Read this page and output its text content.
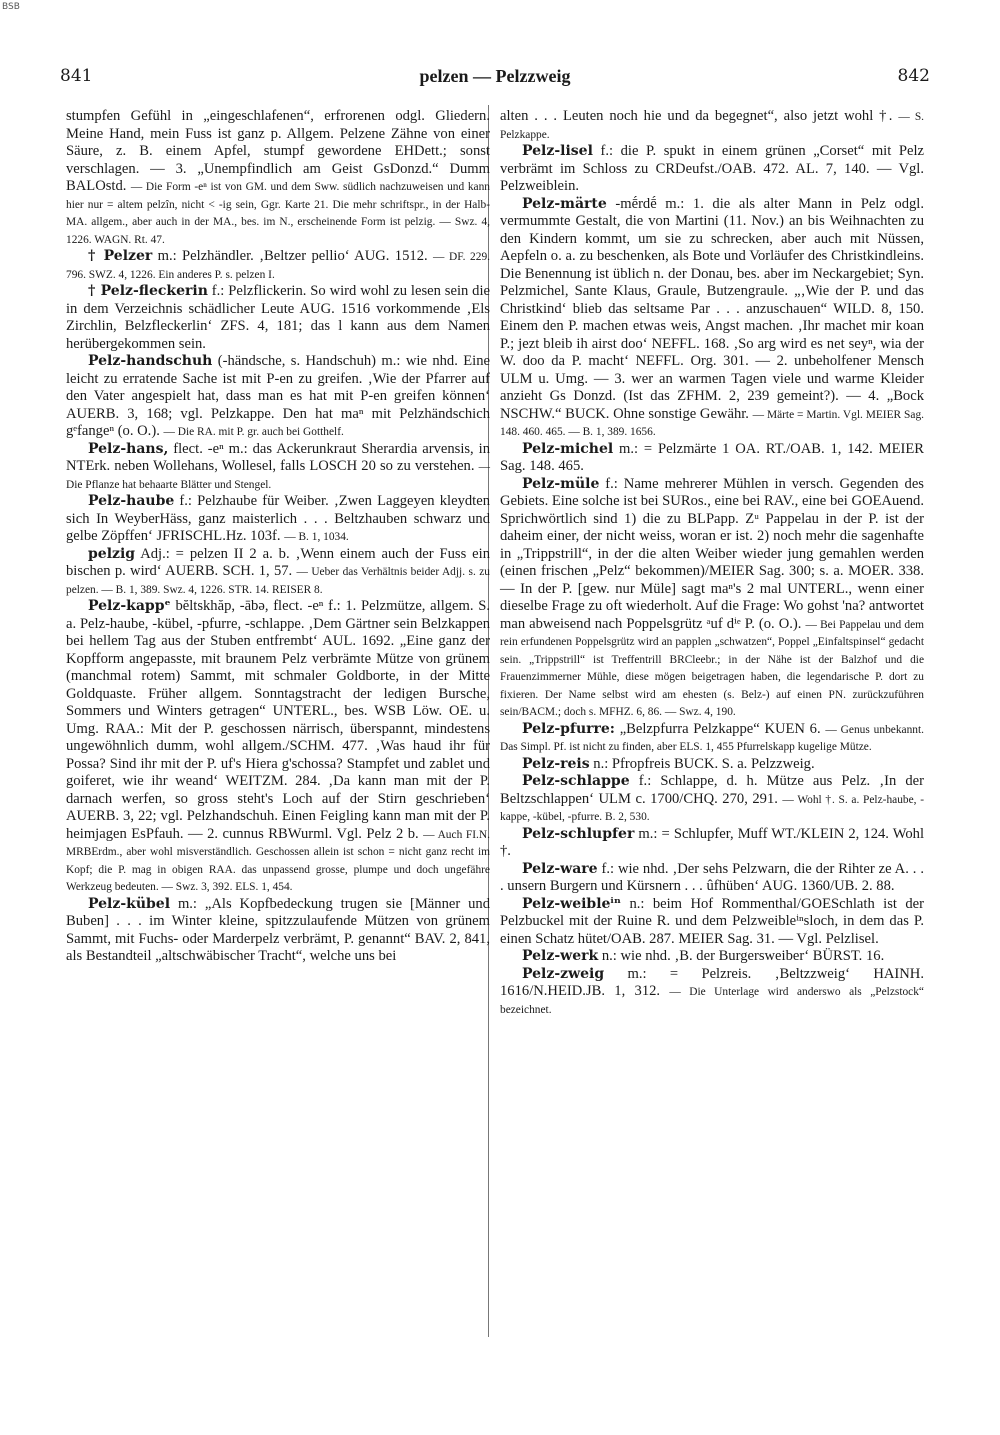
BSB
841	pelzen — Pelzzweig	842

stumpfen Gefühl in „eingeschlafenen“, erfrorenen odgl. Gliedern. Meine Hand, mein Fuss ist ganz p. Allgem. Pelzene Zähne von einer Säure, z. B. einem Apfel, stumpf gewordene EHDett.; sonst verschlagen. — 3. „Unempfindlich am Geist GsDonzd.“ Dumm BALOstd. — Die Form -eⁿ ist von GM. und dem Sww. südlich nachzuweisen und kann hier nur = altem pelzîn, nicht < -ig sein, Ggr. Karte 21. Die mehr schriftspr., in der Halb-MA. allgem., aber auch in der MA., bes. im N., erscheinende Form ist pelzig. — Swz. 4, 1226. WAGN. Rt. 47.

† Pelzer m.: Pelzhändler. ‚Beltzer pellio‘ AUG. 1512. — DF. 229. 796. SWZ. 4, 1226. Ein anderes P. s. pelzen I.

† Pelz-fleckerin f.: Pelzflickerin. So wird wohl zu lesen sein die in dem Verzeichnis schädlicher Leute AUG. 1516 vorkommende ‚Els Zirchlin, Belzfleckerlin‘ ZFS. 4, 181; das l kann aus dem Namen herübergekommen sein.

Pelz-handschuh (-händsche, s. Handschuh) m.: wie nhd. Eine leicht zu erratende Sache ist mit P-en zu greifen. ‚Wie der Pfarrer auf den Vater angespielt hat, dass man es hat mit P-en greifen können‘ AUERB. 3, 168; vgl. Pelzkappe. Den hat maⁿ mit Pelzhändschich gᵉfangeⁿ (o. O.). — Die RA. mit P. gr. auch bei Gotthelf.

Pelz-hans, flect. -eⁿ m.: das Ackerunkraut Sherardia arvensis, in NTErk. neben Wollehans, Wollesel, falls LOSCH 20 so zu verstehen. — Die Pflanze hat behaarte Blätter und Stengel.

Pelz-haube f.: Pelzhaube für Weiber. ‚Zwen Laggeyen kleydten sich In WeyberHäss, ganz maisterlich . . . Beltzhauben schwarz und gelbe Zöpffen‘ JFRISCHL.Hz. 103f. — B. 1, 1034.

pelzig Adj.: = pelzen II 2 a. b. ‚Wenn einem auch der Fuss ein bischen p. wird‘ AUERB. SCH. 1, 57. — Ueber das Verhältnis beider Adjj. s. zu pelzen. — B. 1, 389. Swz. 4, 1226. STR. 14. REISER 8.

Pelz-kappᵉ bĕltskhăp, -ābə, flect. -eⁿ f.: 1. Pelzmütze, allgem. S. a. Pelz-haube, -kübel, -pfurre, -schlappe. ‚Dem Gärtner sein Belzkappen bei hellem Tag aus der Stuben entfrembt‘ AUL. 1692. „Eine ganz der Kopfform angepasste, mit braunem Pelz verbrämte Mütze von grünem (manchmal rotem) Sammt, mit schmaler Goldborte, in der Mitte Goldquaste. Früher allgem. Sonntagstracht der ledigen Bursche, Sommers und Winters getragen“ UNTERL., bes. WSB Löw. OE. u. Umg. RAA.: Mit der P. geschossen närrisch, überspannt, mindestens ungewöhnlich dumm, wohl allgem./SCHM. 477. ‚Was haud ihr für Possa? Sind ihr mit der P. uf's Hiera g'schossa? Stampfet und zablet und goiferet, wie ihr weand‘ WEITZM. 284. ‚Da kann man mit der P. darnach werfen, so gross steht's Loch auf der Stirn geschrieben‘ AUERB. 3, 22; vgl. Pelzhandschuh. Einen Feigling kann man mit der P. heimjagen EsPfauh. — 2. cunnus RBWurml. Vgl. Pelz 2 b. — Auch FI.N. MRBErdm., aber wohl misverständlich. Geschossen allein ist schon = nicht ganz recht im Kopf; die P. mag in obigen RAA. das unpassend grosse, plumpe und doch ungefähre Werkzeug bedeuten. — Swz. 3, 392. ELS. 1, 454.

Pelz-kübel m.: „Als Kopfbedeckung trugen sie [Männer und Buben] . . . im Winter kleine, spitzzulaufende Mützen von grünem Sammt, mit Fuchs- oder Marderpelz verbrämt, P. genannt“ BAV. 2, 841, als Bestandteil „altschwäbischer Tracht“, welche uns bei

alten . . . Leuten noch hie und da begegnet“, also jetzt wohl †. — S. Pelzkappe.

Pelz-lisel f.: die P. spukt in einem grünen „Corset“ mit Pelz verbrämt im Schloss zu CRDeufst./OAB. 472. AL. 7, 140. — Vgl. Pelzweiblein.

Pelz-märte -mḗrdḗ m.: 1. die als alter Mann in Pelz odgl. vermummte Gestalt, die von Martini (11. Nov.) an bis Weihnachten zu den Kindern kommt, um sie zu schrecken, aber auch mit Nüssen, Aepfeln o. a. zu beschenken, als Bote und Vorläufer des Christkindleins. Die Benennung ist üblich n. der Donau, bes. aber im Neckargebiet; Syn. Pelzmichel, Sante Klaus, Graule, Butzengraule. „‚Wie der P. und das Christkind‘ blieb das seltsame Par . . . anzuschauen“ WILD. 8, 150. Einem den P. machen etwas weis, Angst machen. ‚Ihr machet mir koan P.; jezt bleib ih airst doo‘ NEFFL. 168. ‚So arg wird es net seyⁿ, wia der W. doo da P. macht‘ NEFFL. Org. 301. — 2. unbeholfener Mensch ULM u. Umg. — 3. wer an warmen Tagen viele und warme Kleider anzieht Gs Donzd. (Ist das ZFHM. 2, 239 gemeint?). — 4. „Bock NSCHW.“ BUCK. Ohne sonstige Gewähr. — Märte = Martin. Vgl. MEIER Sag. 148. 460. 465. — B. 1, 389. 1656.

Pelz-michel m.: = Pelzmärte 1 OA. RT./OAB. 1, 142. MEIER Sag. 148. 465.

Pelz-müle f.: Name mehrerer Mühlen in versch. Gegenden des Gebiets. Eine solche ist bei SURos., eine bei RAV., eine bei GOEAuend. Sprichwörtlich sind 1) die zu BLPapp. Zᵘ Pappelau in der P. ist der daheim einer, der nicht weiss, woran er ist. 2) noch mehr die sagenhafte in „Trippstrill“, in der die alten Weiber wieder jung gemahlen werden (einen frischen „Pelz“ bekommen)/MEIER Sag. 300; s. a. MOER. 338. — In der P. [gew. nur Müle] sagt maⁿ's 2 mal UNTERL., wenn einer dieselbe Frage zu oft wiederholt. Auf die Frage: Wo gohst 'na? antwortet man abweisend nach Poppelsgrütz ᵃuf dⁱᵉ P. (o. O.). — Bei Pappelau und dem rein erfundenen Poppelsgrütz wird an papplen „schwatzen“, Poppel „Einfaltspinsel“ gedacht sein. „Trippstrill“ ist Treffentrill BRCleebr.; in der Nähe ist der Balzhof und die Frauenzimmerner Mühle, diese mögen beigetragen haben, die legendarische P. dort zu fixieren. Der Name selbst wird am ehesten (s. Belz-) auf einen PN. zurückzuführen sein/BACM.; doch s. MFHZ. 6, 86. — Swz. 4, 190.

Pelz-pfurre: „Belzpfurra Pelzkappe“ KUEN 6. — Genus unbekannt. Das Simpl. Pf. ist nicht zu finden, aber ELS. 1, 455 Pfurrelskapp kugelige Mütze.

Pelz-reis n.: Pfropfreis BUCK. S. a. Pelzzweig.

Pelz-schlappe f.: Schlappe, d. h. Mütze aus Pelz. ‚In der Beltzschlappen‘ ULM c. 1700/CHQ. 270, 291. — Wohl †. S. a. Pelz-haube, -kappe, -kübel, -pfurre. B. 2, 530.

Pelz-schlupfer m.: = Schlupfer, Muff WT./KLEIN 2, 124. Wohl †.

Pelz-ware f.: wie nhd. ‚Der sehs Pelzwarn, die der Rihter ze A. . . . unsern Burgern und Kürsnern . . . ûfhüben‘ AUG. 1360/UB. 2. 88.

Pelz-weibleⁱⁿ n.: beim Hof Rommenthal/GOESchlath ist der Pelzbuckel mit der Ruine R. und dem Pelzweibleⁱⁿsloch, in dem das P. einen Schatz hütet/OAB. 287. MEIER Sag. 31. — Vgl. Pelzlisel.

Pelz-werk n.: wie nhd. ‚B. der Burgersweiber‘ BÜRST. 16.

Pelz-zweig m.: = Pelzreis. ‚Beltzzweig‘ HAINH. 1616/N.HEID.JB. 1, 312. — Die Unterlage wird anderswo als „Pelzstock“ bezeichnet.
